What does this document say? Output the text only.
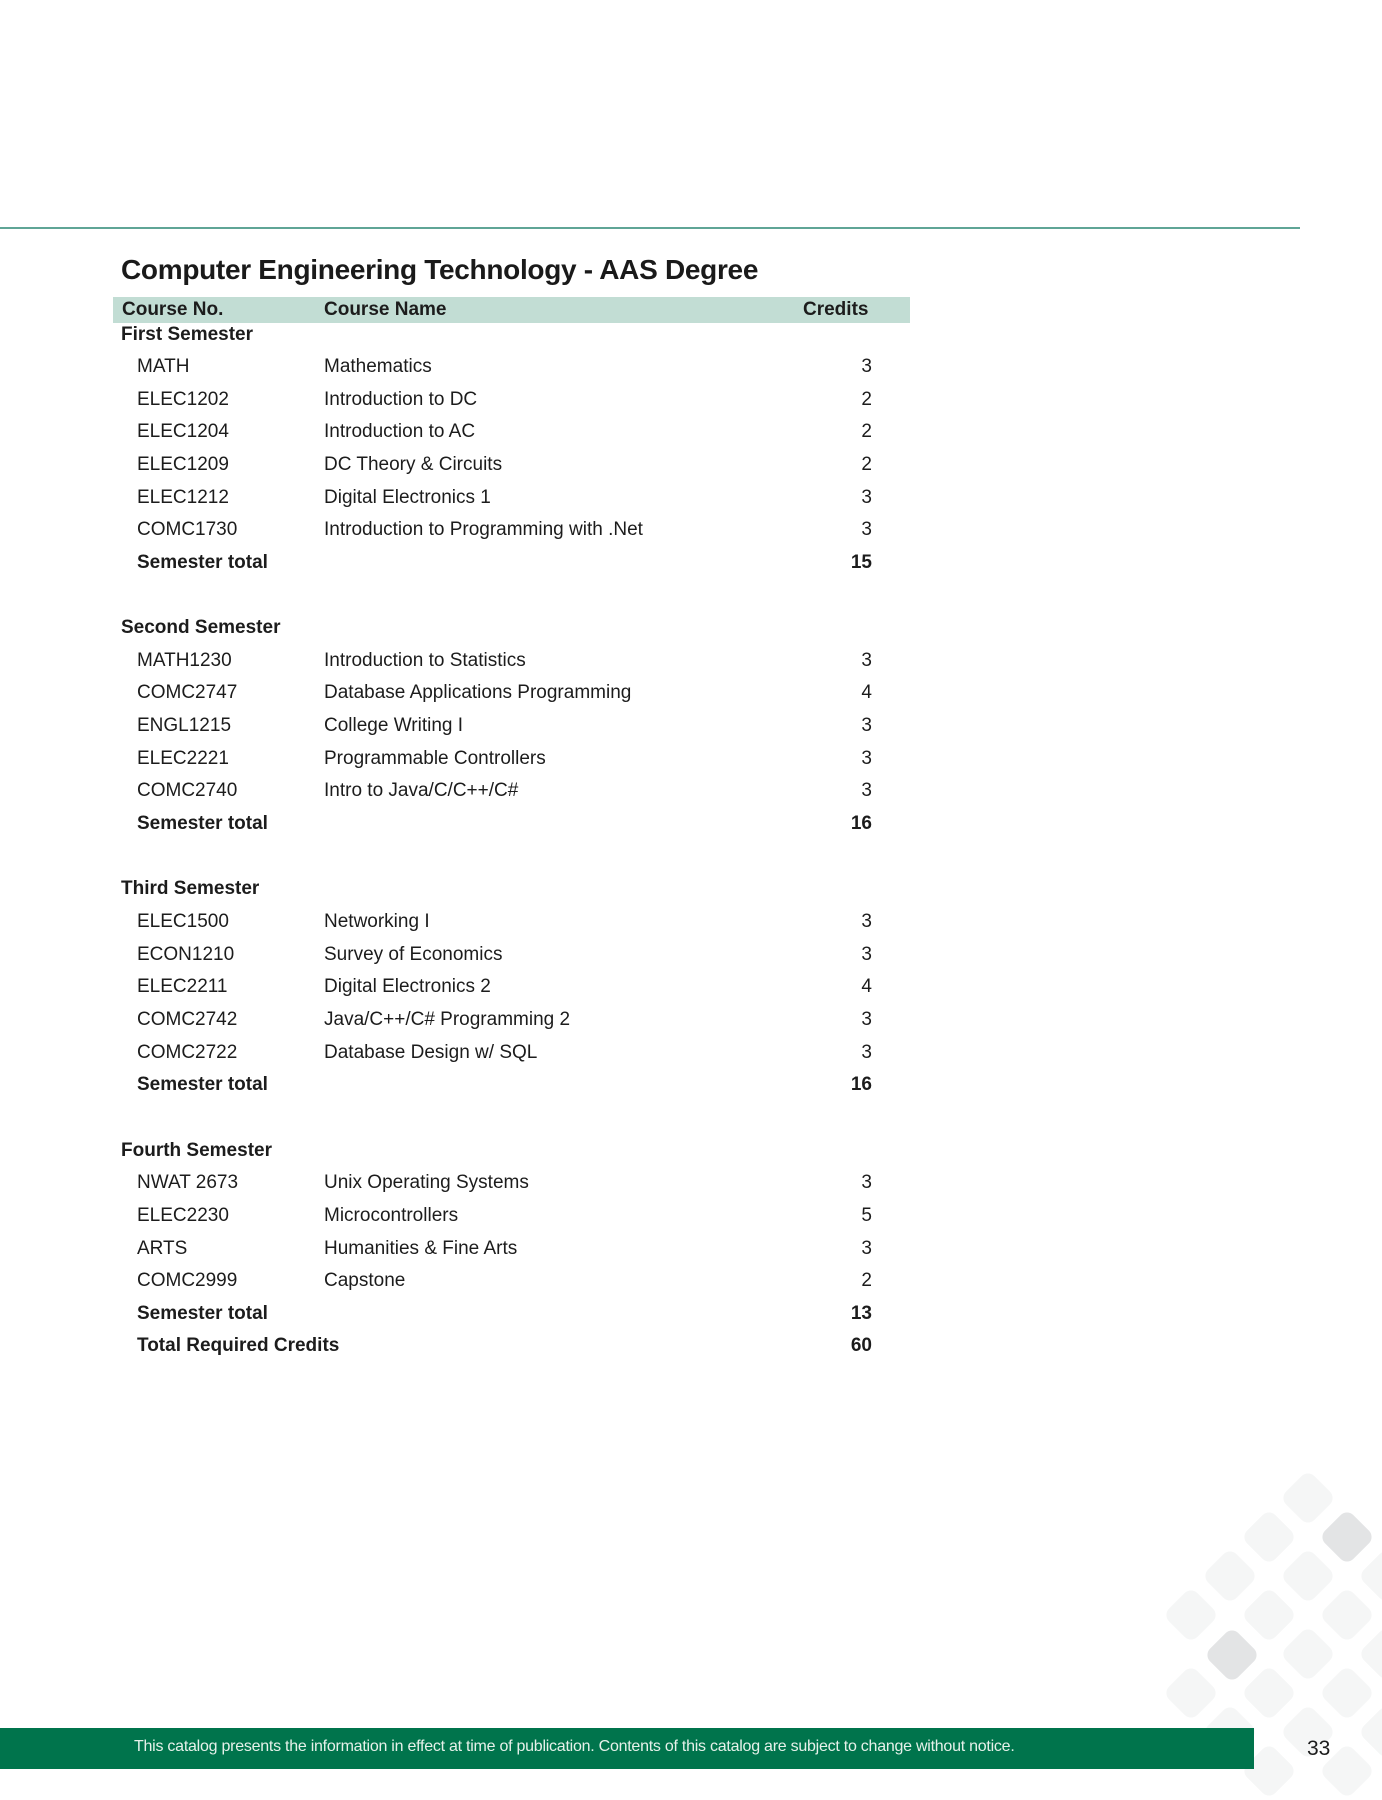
Computer Engineering Technology - AAS Degree
Course No.	Course Name	Credits
First Semester
MATH	Mathematics	3
ELEC1202	Introduction to DC	2
ELEC1204	Introduction to AC	2
ELEC1209	DC Theory & Circuits	2
ELEC1212	Digital Electronics 1	3
COMC1730	Introduction to Programming with .Net	3
Semester total	15
Second Semester
MATH1230	Introduction to Statistics	3
COMC2747	Database Applications Programming	4
ENGL1215	College Writing I	3
ELEC2221	Programmable Controllers	3
COMC2740	Intro to Java/C/C++/C#	3
Semester total	16
Third Semester
ELEC1500	Networking I	3
ECON1210	Survey of Economics	3
ELEC2211	Digital Electronics 2	4
COMC2742	Java/C++/C# Programming 2	3
COMC2722	Database Design w/ SQL	3
Semester total	16
Fourth Semester
NWAT 2673	Unix Operating Systems	3
ELEC2230	Microcontrollers	5
ARTS	Humanities & Fine Arts	3
COMC2999	Capstone	2
Semester total	13
Total Required Credits	60
This catalog presents the information in effect at time of publication. Contents of this catalog are subject to change without notice.	33
